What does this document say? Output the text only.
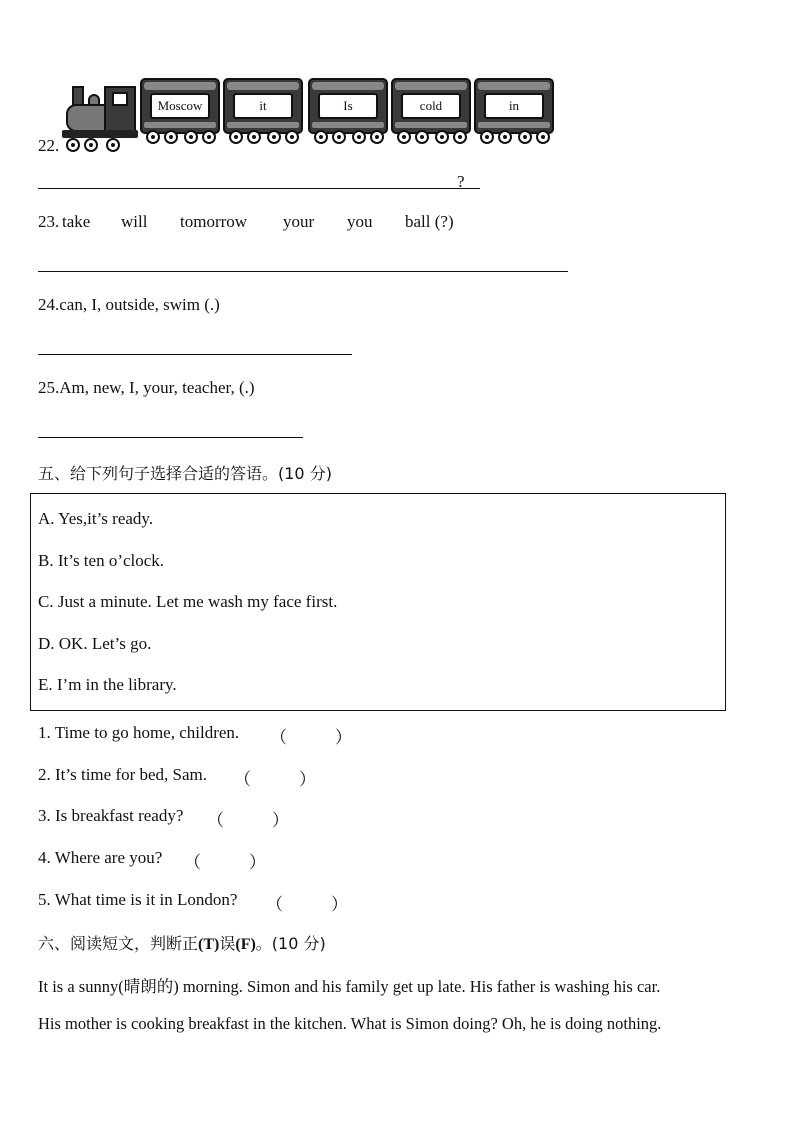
22.
Moscow	it	Is	cold	in
?
23. take will tomorrow your you ball (?)
24.can, I, outside, swim (.)
25.Am, new, I, your, teacher, (.)
五、给下列句子选择合适的答语。(10 分)
A. Yes,it’s ready.
B. It’s ten o’clock.
C. Just a minute. Let me wash my face first.
D. OK. Let’s go.
E. I’m in the library.
1. Time to go home, children. （	）
2. It’s time for bed, Sam. （	）
3. Is breakfast ready? （	）
4. Where are you? （	）
5. What time is it in London? （	）
六、阅读短文，判断正(T)误(F)。(10 分)
It is a sunny(晴朗的) morning. Simon and his family get up late. His father is washing his car.
His mother is cooking breakfast in the kitchen. What is Simon doing? Oh, he is doing nothing.
